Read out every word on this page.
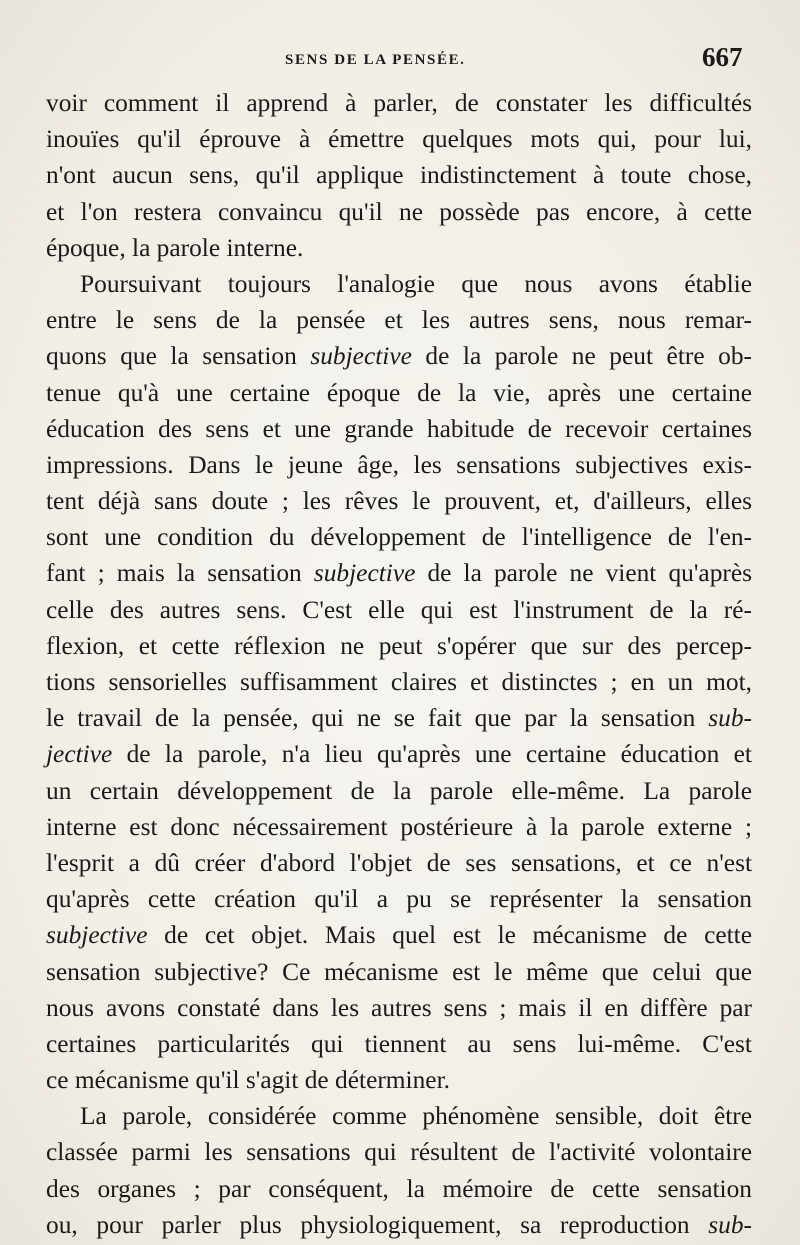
SENS DE LA PENSÉE.	667
voir comment il apprend à parler, de constater les difficultés
inouïes qu'il éprouve à émettre quelques mots qui, pour lui,
n'ont aucun sens, qu'il applique indistinctement à toute chose,
et l'on restera convaincu qu'il ne possède pas encore, à cette
époque, la parole interne.
Poursuivant toujours l'analogie que nous avons établie
entre le sens de la pensée et les autres sens, nous remar-
quons que la sensation subjective de la parole ne peut être ob-
tenue qu'à une certaine époque de la vie, après une certaine
éducation des sens et une grande habitude de recevoir certaines
impressions. Dans le jeune âge, les sensations subjectives exis-
tent déjà sans doute ; les rêves le prouvent, et, d'ailleurs, elles
sont une condition du développement de l'intelligence de l'en-
fant ; mais la sensation subjective de la parole ne vient qu'après
celle des autres sens. C'est elle qui est l'instrument de la ré-
flexion, et cette réflexion ne peut s'opérer que sur des percep-
tions sensorielles suffisamment claires et distinctes ; en un mot,
le travail de la pensée, qui ne se fait que par la sensation sub-
jective de la parole, n'a lieu qu'après une certaine éducation et
un certain développement de la parole elle-même. La parole
interne est donc nécessairement postérieure à la parole externe ;
l'esprit a dû créer d'abord l'objet de ses sensations, et ce n'est
qu'après cette création qu'il a pu se représenter la sensation
subjective de cet objet. Mais quel est le mécanisme de cette
sensation subjective? Ce mécanisme est le même que celui que
nous avons constaté dans les autres sens ; mais il en diffère par
certaines particularités qui tiennent au sens lui-même. C'est
ce mécanisme qu'il s'agit de déterminer.
La parole, considérée comme phénomène sensible, doit être
classée parmi les sensations qui résultent de l'activité volontaire
des organes ; par conséquent, la mémoire de cette sensation
ou, pour parler plus physiologiquement, sa reproduction sub-
